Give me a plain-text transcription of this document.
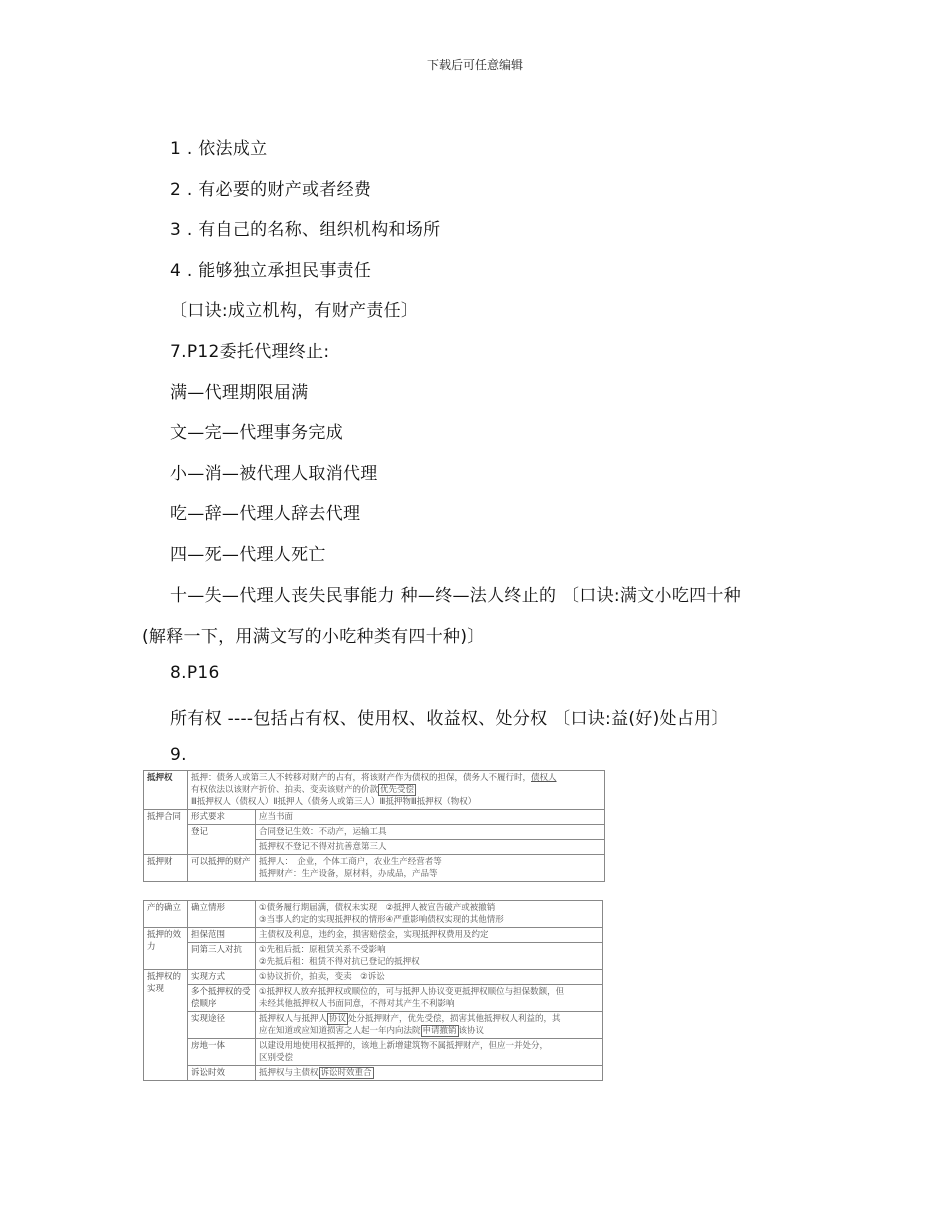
下载后可任意编辑
1 . 依法成立
2 . 有必要的财产或者经费
3 . 有自己的名称、组织机构和场所
4 . 能够独立承担民事责任
〔口诀:成立机构，有财产责任〕
7.P12委托代理终止:
满—代理期限届满
文—完—代理事务完成
小—消—被代理人取消代理
吃—辞—代理人辞去代理
四—死—代理人死亡
十—失—代理人丧失民事能力 种—终—法人终止的 〔口诀:满文小吃四十种
(解释一下，用满文写的小吃种类有四十种)〕
8.P16
所有权 ----包括占有权、使用权、收益权、处分权 〔口诀:益(好)处占用〕
9.
抵押权	抵押：债务人或第三人不转移对财产的占有，将该财产作为债权的担保，债务人不履行时，债权人
有权依法以该财产折价、拍卖、变卖该财产的价款 优先受偿
Ⅲ抵押权人（债权人）Ⅱ抵押人（债务人或第三人）Ⅲ抵押物Ⅲ抵押权（物权）	

抵押合同	形式要求	应当书面
	登记	合同登记生效：不动产，运输工具
		抵押权不登记不得对抗善意第三人
抵押财	可以抵押的财产	抵押人：　企业，个体工商户，农业生产经营者等
抵押财产：生产设备，原材料，办成品，产品等
产的确立	确立情形	①债务履行期届满，债权未实现　②抵押人被宣告破产或被撤销
③当事人约定的实现抵押权的情形④严重影响债权实现的其他情形

抵押的效力	担保范围	主债权及利息，违约金，损害赔偿金，实现抵押权费用及约定
	同第三人对抗	①先租后抵：原租赁关系不受影响
②先抵后租：租赁不得对抗已登记的抵押权

抵押权的实现	实现方式	①协议折价，拍卖，变卖　②诉讼
	多个抵押权的受偿顺序	①抵押权人放弃抵押权或顺位的，可与抵押人协议变更抵押权顺位与担保数额，但
未经其他抵押权人书面同意，不得对其产生不利影响

	实现途径	抵押权人与抵押人 协议 处分抵押财产，优先受偿，损害其他抵押权人利益的，其
应在知道或应知道损害之人起一年内向法院 申请撤销 该协议

	房地一体	以建设用地使用权抵押的，该地上新增建筑物不属抵押财产，但应一并处分，
区别受偿

	诉讼时效	抵押权与主债权 诉讼时效重合
